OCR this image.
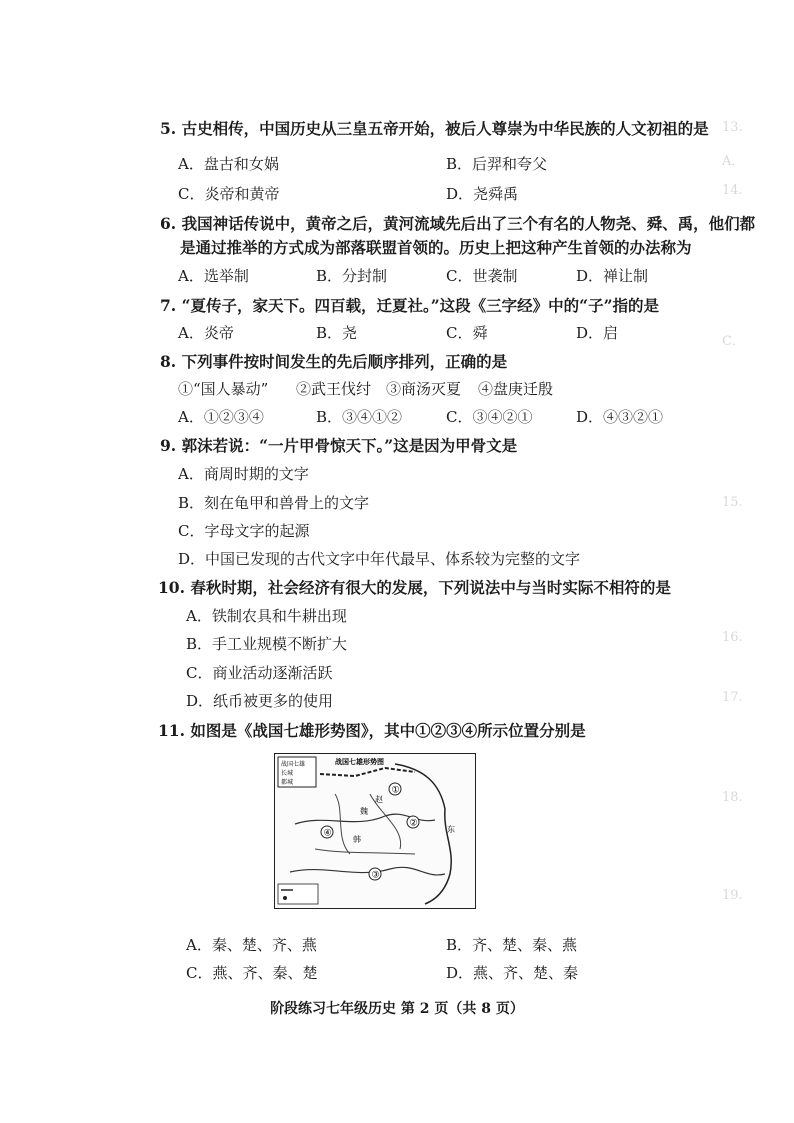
13.
A．
14.
C．
15.
16.
17.
18.
19.
5. 古史相传，中国历史从三皇五帝开始，被后人尊崇为中华民族的人文初祖的是
A．盘古和女娲	B．后羿和夸父
C．炎帝和黄帝	D．尧舜禹
6. 我国神话传说中，黄帝之后，黄河流域先后出了三个有名的人物尧、舜、禹，他们都
是通过推举的方式成为部落联盟首领的。历史上把这种产生首领的办法称为
A．选举制	B．分封制	C．世袭制	D．禅让制
7. “夏传子，家天下。四百载，迁夏社。”这段《三字经》中的“子”指的是
A．炎帝	B．尧	C．舜	D．启
8. 下列事件按时间发生的先后顺序排列，正确的是
①“国人暴动” ②武王伐纣 ③商汤灭夏 ④盘庚迁殷
A．①②③④	B．③④①②	C．③④②①	D．④③②①
9. 郭沫若说：“一片甲骨惊天下。”这是因为甲骨文是
A．商周时期的文字
B．刻在龟甲和兽骨上的文字
C．字母文字的起源
D．中国已发现的古代文字中年代最早、体系较为完整的文字
10. 春秋时期，社会经济有很大的发展，下列说法中与当时实际不相符的是
A．铁制农具和牛耕出现
B．手工业规模不断扩大
C．商业活动逐渐活跃
D．纸币被更多的使用
11. 如图是《战国七雄形势图》，其中①②③④所示位置分别是
战国七雄
长城
都城
①
②
④
③
魏
赵
韩
东
战国七雄形势图
A．秦、楚、齐、燕	B．齐、楚、秦、燕
C．燕、齐、秦、楚	D．燕、齐、楚、秦
阶段练习七年级历史 第 2 页（共 8 页）
